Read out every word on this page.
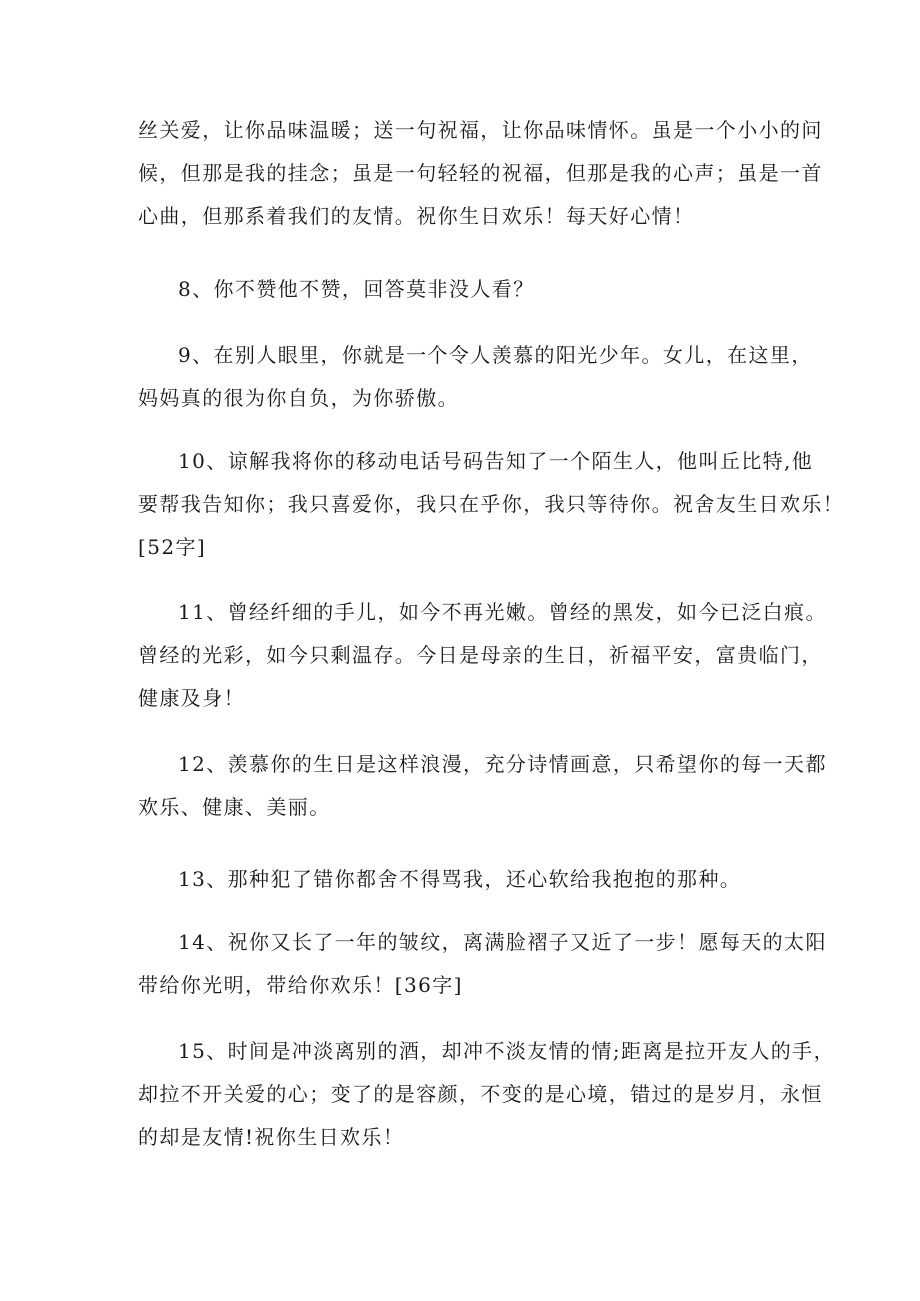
丝关爱，让你品味温暖；送一句祝福，让你品味情怀。虽是一个小小的问
候，但那是我的挂念；虽是一句轻轻的祝福，但那是我的心声；虽是一首
心曲，但那系着我们的友情。祝你生日欢乐！每天好心情！
8、你不赞他不赞，回答莫非没人看？
9、在别人眼里，你就是一个令人羡慕的阳光少年。女儿，在这里，
妈妈真的很为你自负，为你骄傲。
10、谅解我将你的移动电话号码告知了一个陌生人，他叫丘比特,他
要帮我告知你；我只喜爱你，我只在乎你，我只等待你。祝舍友生日欢乐！
[52字]
11、曾经纤细的手儿，如今不再光嫩。曾经的黑发，如今已泛白痕。
曾经的光彩，如今只剩温存。今日是母亲的生日，祈福平安，富贵临门，
健康及身！
12、羡慕你的生日是这样浪漫，充分诗情画意，只希望你的每一天都
欢乐、健康、美丽。
13、那种犯了错你都舍不得骂我，还心软给我抱抱的那种。
14、祝你又长了一年的皱纹，离满脸褶子又近了一步！愿每天的太阳
带给你光明，带给你欢乐！[36字]
15、时间是冲淡离别的酒，却冲不淡友情的情;距离是拉开友人的手，
却拉不开关爱的心；变了的是容颜，不变的是心境，错过的是岁月，永恒
的却是友情!祝你生日欢乐！
